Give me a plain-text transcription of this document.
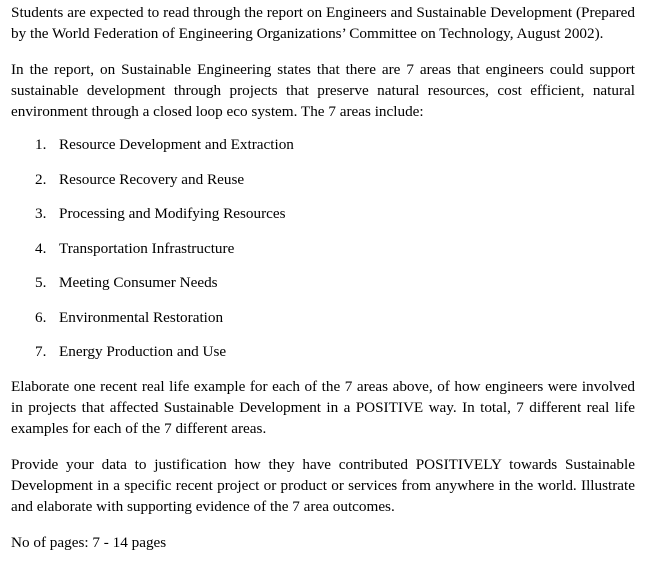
Students are expected to read through the report on Engineers and Sustainable Development (Prepared by the World Federation of Engineering Organizations’ Committee on Technology, August 2002).

In the report, on Sustainable Engineering states that there are 7 areas that engineers could support sustainable development through projects that preserve natural resources, cost efficient, natural environment through a closed loop eco system. The 7 areas include:

1. Resource Development and Extraction
2. Resource Recovery and Reuse
3. Processing and Modifying Resources
4. Transportation Infrastructure
5. Meeting Consumer Needs
6. Environmental Restoration
7. Energy Production and Use

Elaborate one recent real life example for each of the 7 areas above, of how engineers were involved in projects that affected Sustainable Development in a POSITIVE way. In total, 7 different real life examples for each of the 7 different areas.

Provide your data to justification how they have contributed POSITIVELY towards Sustainable Development in a specific recent project or product or services from anywhere in the world. Illustrate and elaborate with supporting evidence of the 7 area outcomes.

No of pages: 7 - 14 pages
